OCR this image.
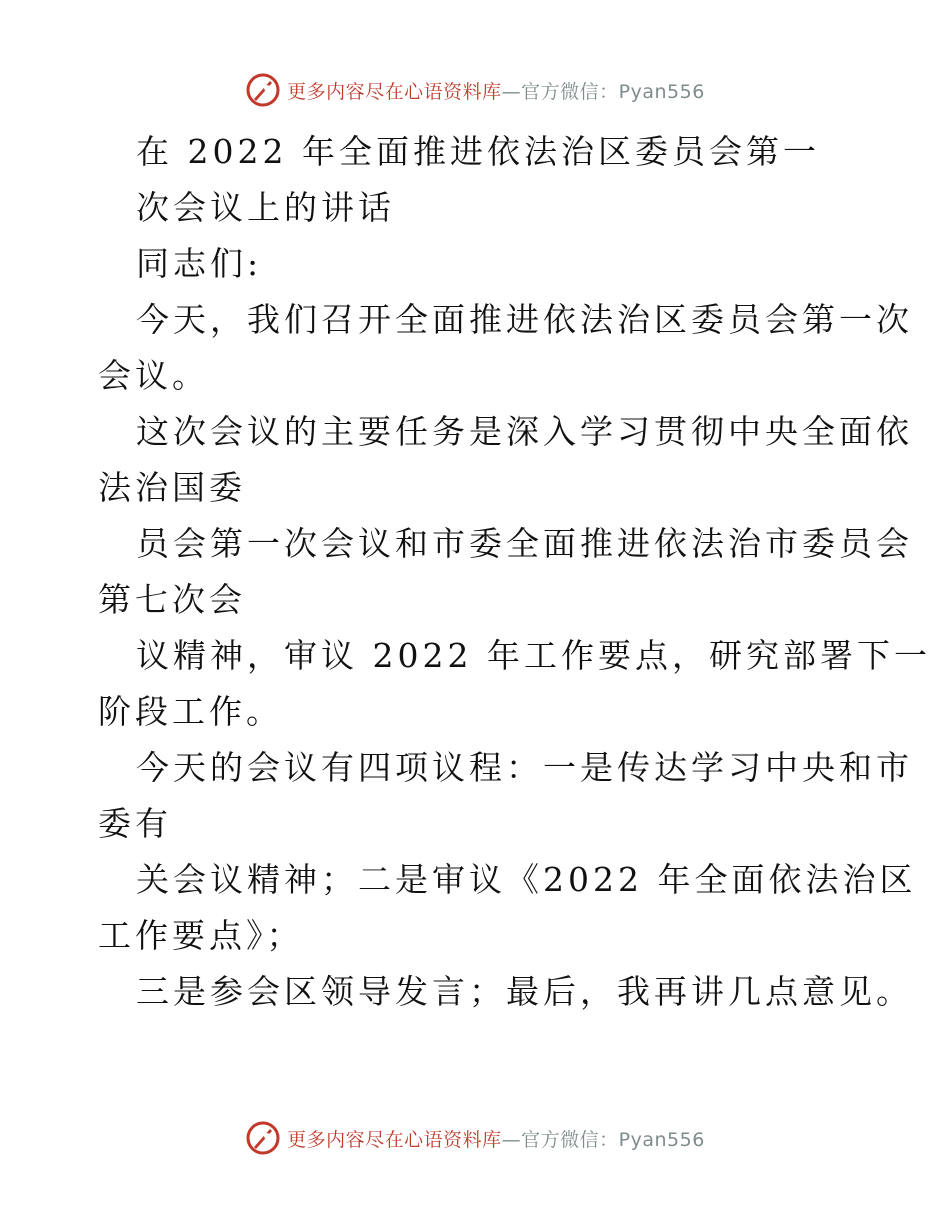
更多内容尽在心语资料库—官方微信：Pyan556
在 2022 年全面推进依法治区委员会第一
次会议上的讲话
同志们:
今天，我们召开全面推进依法治区委员会第一次
会议。
这次会议的主要任务是深入学习贯彻中央全面依
法治国委
员会第一次会议和市委全面推进依法治市委员会
第七次会
议精神，审议 2022 年工作要点，研究部署下一
阶段工作。
今天的会议有四项议程：一是传达学习中央和市
委有
关会议精神；二是审议《2022 年全面依法治区
工作要点》；
三是参会区领导发言；最后，我再讲几点意见。
更多内容尽在心语资料库—官方微信：Pyan556
